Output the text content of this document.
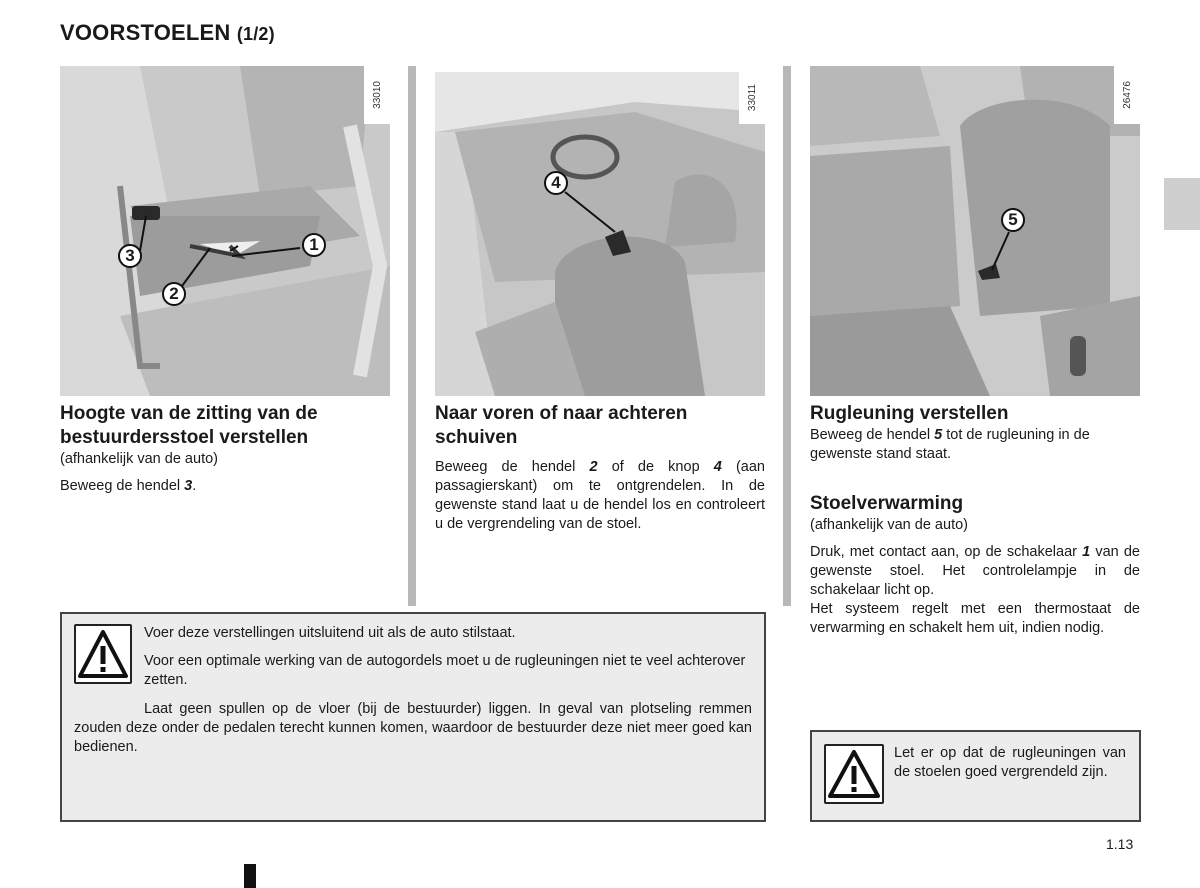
VOORSTOELEN (1/2)
33010
1
2
3
33011
4
26476
5
Hoogte van de zitting van de bestuurdersstoel verstellen
(afhankelijk van de auto)
Beweeg de hendel 3.
Naar voren of naar achteren schuiven
Beweeg de hendel 2 of de knop 4 (aan passagierskant) om te ontgrendelen. In de gewenste stand laat u de hendel los en controleert u de vergrendeling van de stoel.
Rugleuning verstellen
Beweeg de hendel 5 tot de rugleuning in de gewenste stand staat.
Stoelverwarming
(afhankelijk van de auto)
Druk, met contact aan, op de schakelaar 1 van de gewenste stoel. Het controlelampje in de schakelaar licht op.
Het systeem regelt met een thermostaat de verwarming en schakelt hem uit, indien nodig.
Voer deze verstellingen uitsluitend uit als de auto stilstaat.
Voor een optimale werking van de autogordels moet u de rugleuningen niet te veel achterover zetten.
Laat geen spullen op de vloer (bij de bestuurder) liggen. In geval van plotseling remmen zouden deze onder de pedalen terecht kunnen komen, waardoor de bestuurder deze niet meer goed kan bedienen.	Let er op dat de rugleuningen van de stoelen goed vergrendeld zijn.
1.13
